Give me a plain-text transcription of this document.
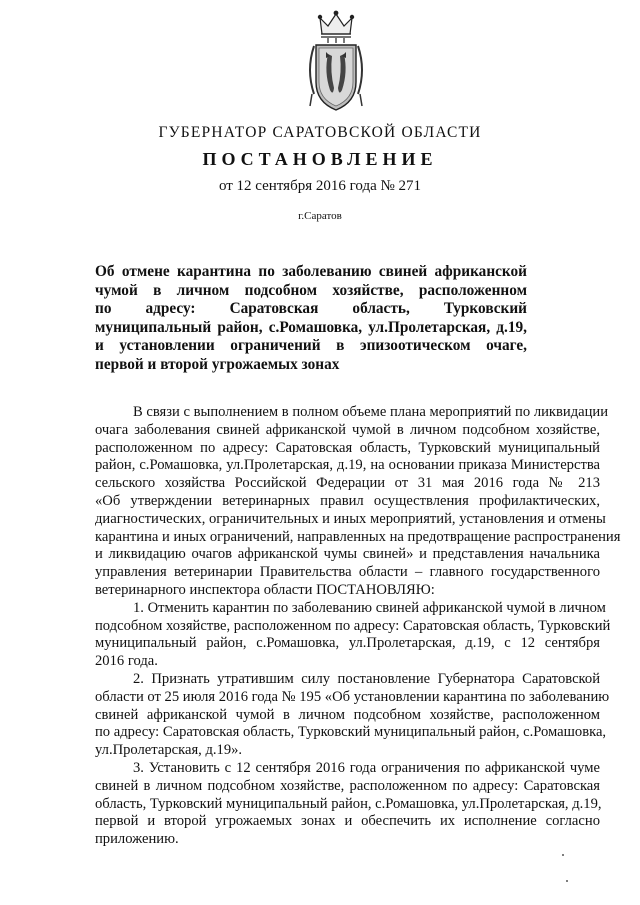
ГУБЕРНАТОР САРАТОВСКОЙ ОБЛАСТИ
ПОСТАНОВЛЕНИЕ
от 12 сентября 2016 года № 271
г.Саратов
Об отмене карантина по заболеванию свиней африканской
чумой в личном подсобном хозяйстве, расположенном
по адресу: Саратовская область, Турковский
муниципальный район, с.Ромашовка, ул.Пролетарская, д.19,
и установлении ограничений в эпизоотическом очаге,
первой и второй угрожаемых зонах
В связи с выполнением в полном объеме плана мероприятий по ликвидации
очага заболевания свиней африканской чумой в личном подсобном хозяйстве,
расположенном по адресу: Саратовская область, Турковский муниципальный
район, с.Ромашовка, ул.Пролетарская, д.19, на основании приказа Министерства
сельского хозяйства Российской Федерации от 31 мая 2016 года № 213
«Об утверждении ветеринарных правил осуществления профилактических,
диагностических, ограничительных и иных мероприятий, установления и отмены
карантина и иных ограничений, направленных на предотвращение распространения
и ликвидацию очагов африканской чумы свиней» и представления начальника
управления ветеринарии Правительства области – главного государственного
ветеринарного инспектора области ПОСТАНОВЛЯЮ:
1. Отменить карантин по заболеванию свиней африканской чумой в личном
подсобном хозяйстве, расположенном по адресу: Саратовская область, Турковский
муниципальный район, с.Ромашовка, ул.Пролетарская, д.19, с 12 сентября
2016 года.
2. Признать утратившим силу постановление Губернатора Саратовской
области от 25 июля 2016 года № 195 «Об установлении карантина по заболеванию
свиней африканской чумой в личном подсобном хозяйстве, расположенном
по адресу: Саратовская область, Турковский муниципальный район, с.Ромашовка,
ул.Пролетарская, д.19».
3. Установить с 12 сентября 2016 года ограничения по африканской чуме
свиней в личном подсобном хозяйстве, расположенном по адресу: Саратовская
область, Турковский муниципальный район, с.Ромашовка, ул.Пролетарская, д.19,
первой и второй угрожаемых зонах и обеспечить их исполнение согласно
приложению.
